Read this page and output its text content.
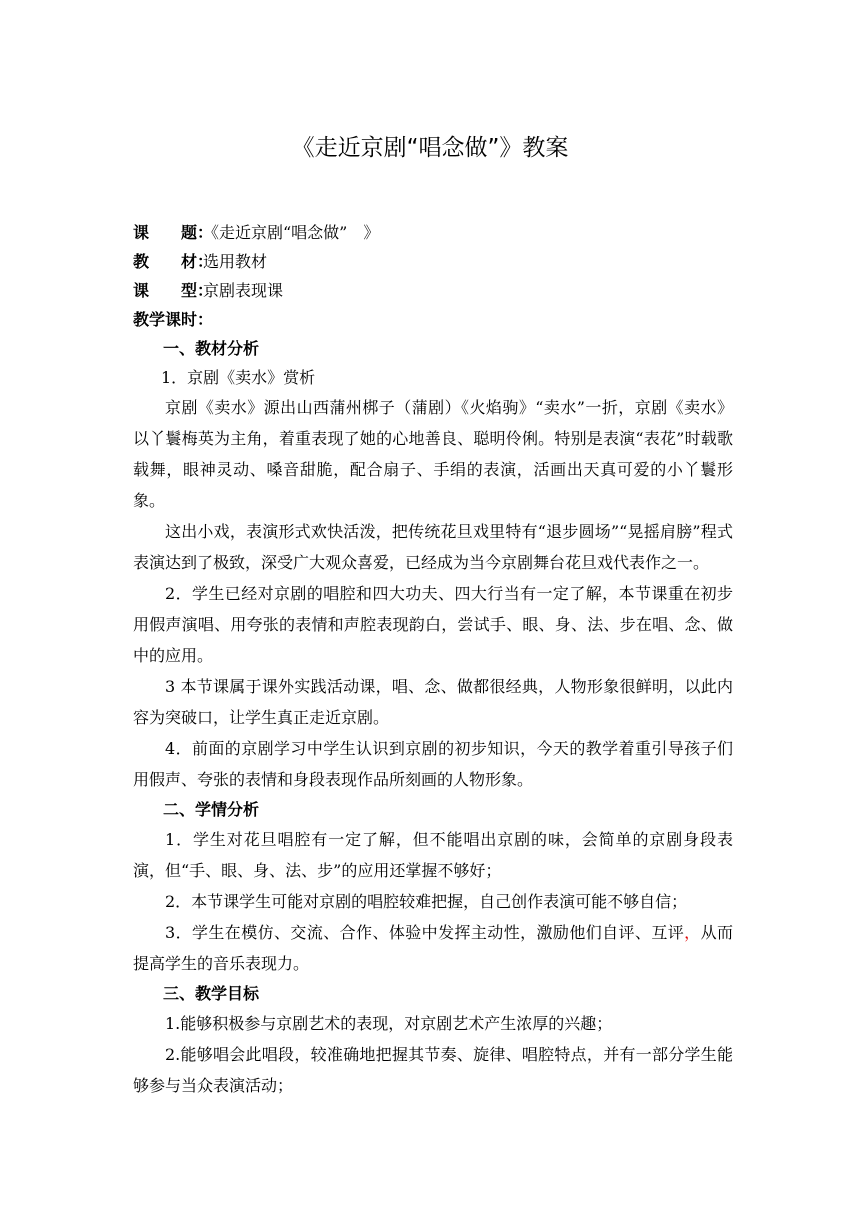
《走近京剧“唱念做”》教案
课　　题：《走近京剧“唱念做”　》
教　　材：选用教材
课　　型：京剧表现课
教学课时：
一、教材分析
1．京剧《卖水》赏析

京剧《卖水》源出山西蒲州梆子（蒲剧）《火焰驹》“卖水”一折，京剧《卖水》以丫鬟梅英为主角，着重表现了她的心地善良、聪明伶俐。特别是表演“表花”时载歌载舞，眼神灵动、嗓音甜脆，配合扇子、手绢的表演，活画出天真可爱的小丫鬟形象。

这出小戏，表演形式欢快活泼，把传统花旦戏里特有“退步圆场”“晃摇肩膀”程式表演达到了极致，深受广大观众喜爱，已经成为当今京剧舞台花旦戏代表作之一。

2．学生已经对京剧的唱腔和四大功夫、四大行当有一定了解，本节课重在初步用假声演唱、用夸张的表情和声腔表现韵白，尝试手、眼、身、法、步在唱、念、做中的应用。

3 本节课属于课外实践活动课，唱、念、做都很经典，人物形象很鲜明，以此内容为突破口，让学生真正走近京剧。

4．前面的京剧学习中学生认识到京剧的初步知识，今天的教学着重引导孩子们用假声、夸张的表情和身段表现作品所刻画的人物形象。

二、学情分析

1．学生对花旦唱腔有一定了解，但不能唱出京剧的味，会简单的京剧身段表演，但“手、眼、身、法、步”的应用还掌握不够好；

2．本节课学生可能对京剧的唱腔较难把握，自己创作表演可能不够自信；

3．学生在模仿、交流、合作、体验中发挥主动性，激励他们自评、互评，从而提高学生的音乐表现力。

三、教学目标

1.能够积极参与京剧艺术的表现，对京剧艺术产生浓厚的兴趣；

2.能够唱会此唱段，较准确地把握其节奏、旋律、唱腔特点，并有一部分学生能够参与当众表演活动；
